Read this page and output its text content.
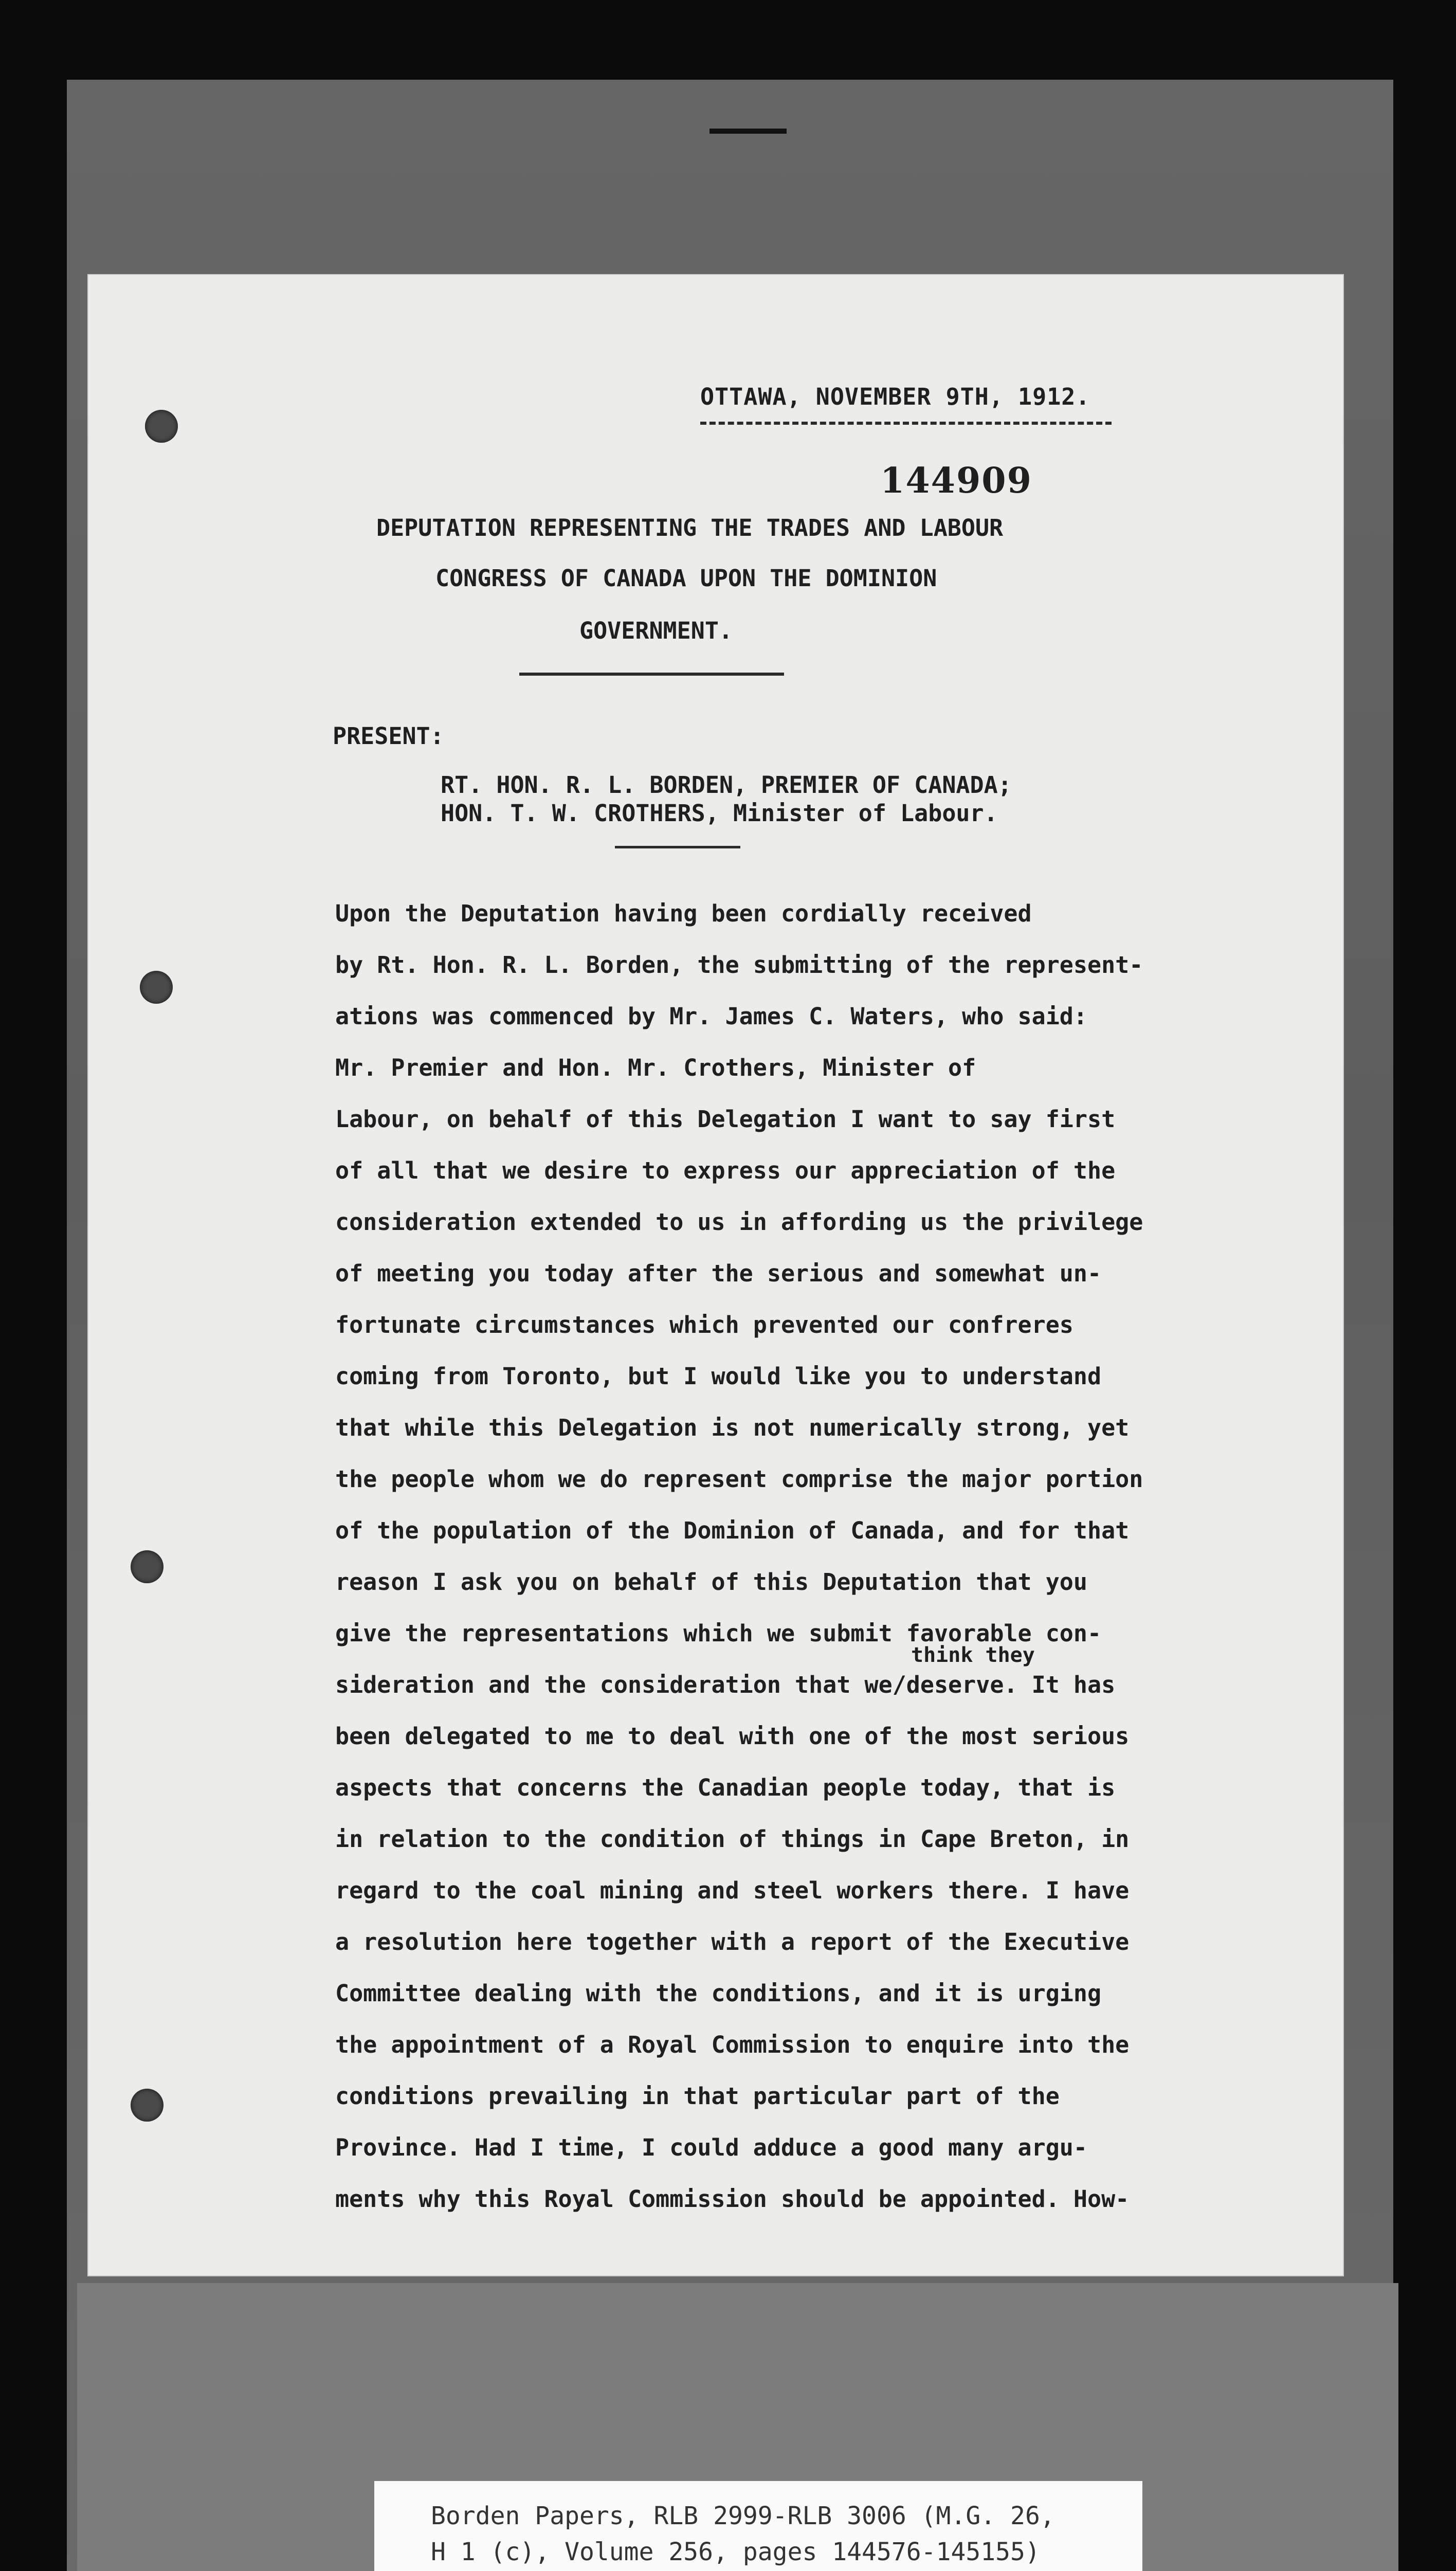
OTTAWA, NOVEMBER 9TH, 1912.
144909
DEPUTATION REPRESENTING THE TRADES AND LABOUR
CONGRESS OF CANADA UPON THE DOMINION
GOVERNMENT.
PRESENT:
RT. HON. R. L. BORDEN, PREMIER OF CANADA;
HON. T. W. CROTHERS, Minister of Labour.
Upon the Deputation having been cordially received
by Rt. Hon. R. L. Borden, the submitting of the represent-
ations was commenced by Mr. James C. Waters, who said:
Mr. Premier and Hon. Mr. Crothers, Minister of
Labour, on behalf of this Delegation I want to say first
of all that we desire to express our appreciation of the
consideration extended to us in affording us the privilege
of meeting you today after the serious and somewhat un-
fortunate circumstances which prevented our confreres
coming from Toronto, but I would like you to understand
that while this Delegation is not numerically strong, yet
the people whom we do represent comprise the major portion
of the population of the Dominion of Canada, and for that
reason I ask you on behalf of this Deputation that you
give the representations which we submit favorable con-
think they
sideration and the consideration that we/deserve. It has
been delegated to me to deal with one of the most serious
aspects that concerns the Canadian people today, that is
in relation to the condition of things in Cape Breton, in
regard to the coal mining and steel workers there. I have
a resolution here together with a report of the Executive
Committee dealing with the conditions, and it is urging
the appointment of a Royal Commission to enquire into the
conditions prevailing in that particular part of the
Province. Had I time, I could adduce a good many argu-
ments why this Royal Commission should be appointed. How-
Borden Papers, RLB 2999-RLB 3006 (M.G. 26,
H 1 (c), Volume 256, pages 144576-145155)
